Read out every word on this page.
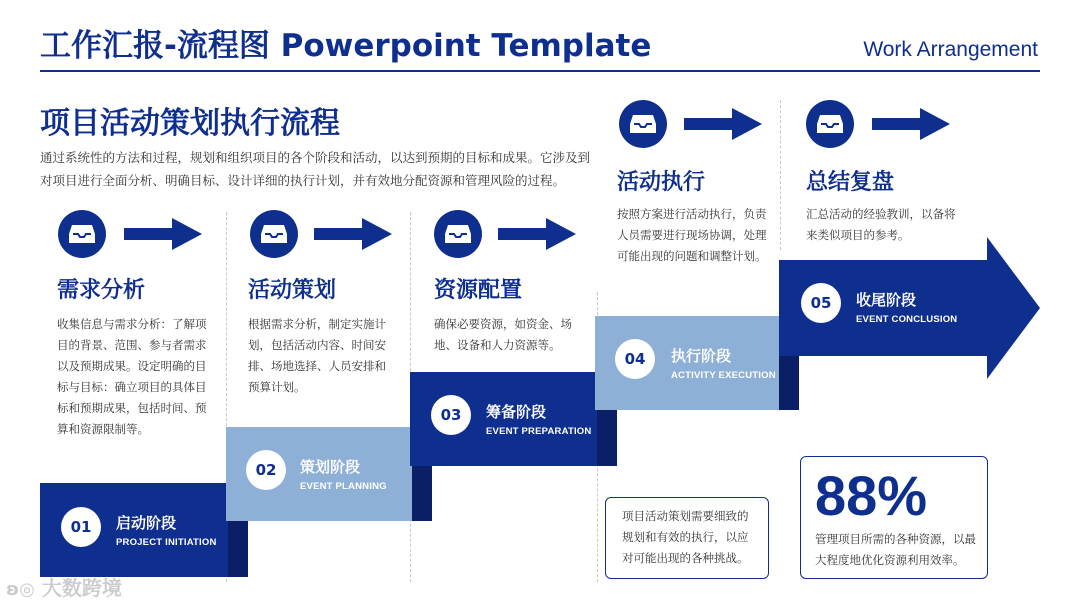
工作汇报-流程图 Powerpoint Template	Work Arrangement
项目活动策划执行流程
通过系统性的方法和过程，规划和组织项目的各个阶段和活动，以达到预期的目标和成果。它涉及到对项目进行全面分析、明确目标、设计详细的执行计划，并有效地分配资源和管理风险的过程。
需求分析
收集信息与需求分析：了解项目的背景、范围、参与者需求以及预期成果。设定明确的目标与目标：确立项目的具体目标和预期成果，包括时间、预算和资源限制等。
活动策划
根据需求分析，制定实施计划，包括活动内容、时间安排、场地选择、人员安排和预算计划。
资源配置
确保必要资源，如资金、场地、设备和人力资源等。
活动执行
按照方案进行活动执行，负责人员需要进行现场协调，处理可能出现的问题和调整计划。
总结复盘
汇总活动的经验教训，以备将来类似项目的参考。
01	启动阶段
PROJECT INITIATION
02	策划阶段
EVENT PLANNING
03	筹备阶段
EVENT PREPARATION
04	执行阶段
ACTIVITY EXECUTION
05	收尾阶段
EVENT CONCLUSION
项目活动策划需要细致的规划和有效的执行，以应对可能出现的各种挑战。
88%
管理项目所需的各种资源，以最大程度地优化资源利用效率。
ʚ◎ 大数跨境
